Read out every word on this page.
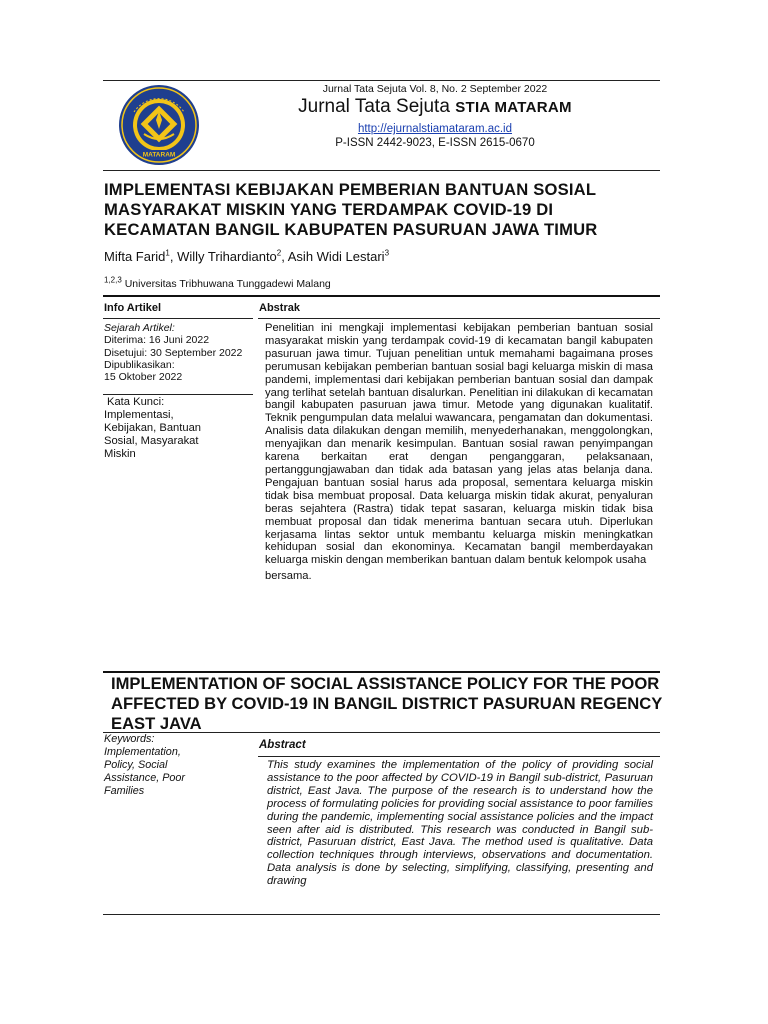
MATARAM
Jurnal Tata Sejuta Vol. 8, No. 2 September 2022
Jurnal Tata Sejuta STIA MATARAM
http://ejurnalstiamataram.ac.id
P-ISSN 2442-9023, E-ISSN 2615-0670
IMPLEMENTASI KEBIJAKAN PEMBERIAN BANTUAN SOSIAL MASYARAKAT MISKIN YANG TERDAMPAK COVID-19 DI KECAMATAN BANGIL KABUPATEN PASURUAN JAWA TIMUR
Mifta Farid$^1$, Willy Trihardianto$^2$, Asih Widi Lestari$^3$
$^{1,2,3}$ Universitas Tribhuwana Tunggadewi Malang
Info Artikel	Abstrak
Sejarah Artikel:
Diterima: 16 Juni 2022
Disetujui: 30 September 2022
Dipublikasikan:
15 Oktober 2022
Kata Kunci:
Implementasi, Kebijakan, Bantuan Sosial, Masyarakat Miskin
Penelitian ini mengkaji implementasi kebijakan pemberian bantuan sosial masyarakat miskin yang terdampak covid-19 di kecamatan bangil kabupaten pasuruan jawa timur. Tujuan penelitian untuk memahami bagaimana proses perumusan kebijakan pemberian bantuan sosial bagi keluarga miskin di masa pandemi, implementasi dari kebijakan pemberian bantuan sosial dan dampak yang terlihat setelah bantuan disalurkan. Penelitian ini dilakukan di kecamatan bangil kabupaten pasuruan jawa timur. Metode yang digunakan kualitatif. Teknik pengumpulan data melalui wawancara, pengamatan dan dokumentasi. Analisis data dilakukan dengan memilih, menyederhanakan, menggolongkan, menyajikan dan menarik kesimpulan. Bantuan sosial rawan penyimpangan karena berkaitan erat dengan penganggaran, pelaksanaan, pertanggungjawaban dan tidak ada batasan yang jelas atas belanja dana. Pengajuan bantuan sosial harus ada proposal, sementara keluarga miskin tidak bisa membuat proposal. Data keluarga miskin tidak akurat, penyaluran beras sejahtera (Rastra) tidak tepat sasaran, keluarga miskin tidak bisa membuat proposal dan tidak menerima bantuan secara utuh. Diperlukan kerjasama lintas sektor untuk membantu keluarga miskin meningkatkan kehidupan sosial dan ekonominya. Kecamatan bangil memberdayakan keluarga miskin dengan memberikan bantuan dalam bentuk kelompok usaha
bersama.
IMPLEMENTATION OF SOCIAL ASSISTANCE POLICY FOR THE POOR AFFECTED BY COVID-19 IN BANGIL DISTRICT PASURUAN REGENCY EAST JAVA
Keywords:
Implementation, Policy, Social Assistance, Poor Families
Abstract
This study examines the implementation of the policy of providing social assistance to the poor affected by COVID-19 in Bangil sub-district, Pasuruan district, East Java. The purpose of the research is to understand how the process of formulating policies for providing social assistance to poor families during the pandemic, implementing social assistance policies and the impact seen after aid is distributed. This research was conducted in Bangil sub-district, Pasuruan district, East Java. The method used is qualitative. Data collection techniques through interviews, observations and documentation. Data analysis is done by selecting, simplifying, classifying, presenting and drawing
